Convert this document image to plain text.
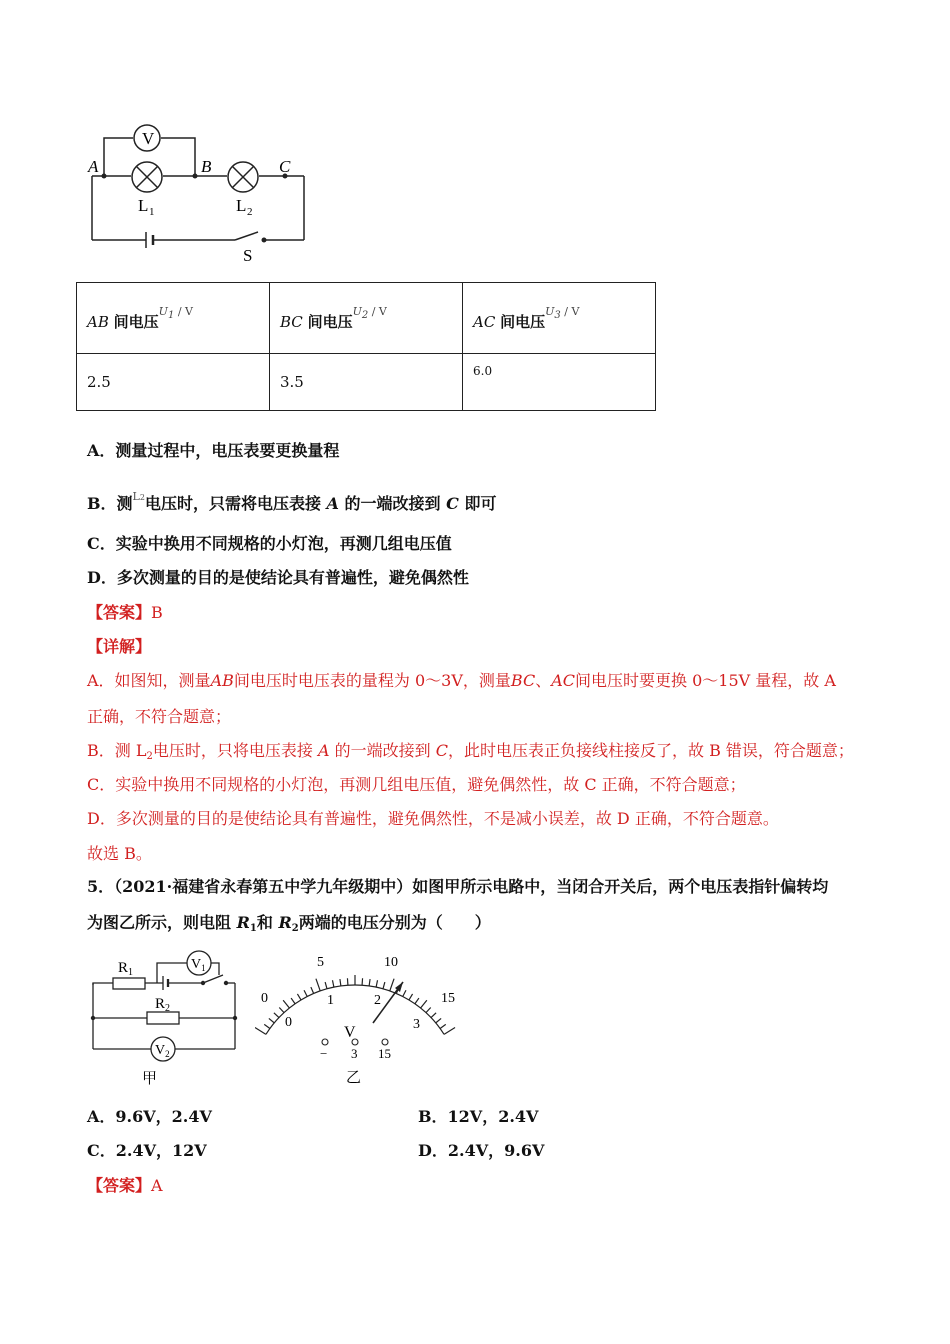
V
A	B	C
L 1	L 2
S
AB 间电压$^{U1 / V}$	BC 间电压$^{U2 / V}$	AC 间电压$^{U3 / V}$
2.5	3.5	6.0
A．测量过程中，电压表要更换量程
B．测$^{L2}$电压时，只需将电压表接 A 的一端改接到 C 即可
C．实验中换用不同规格的小灯泡，再测几组电压值
D．多次测量的目的是使结论具有普遍性，避免偶然性
【答案】B
【详解】
A．如图知，测量AB间电压时电压表的量程为 0～3V，测量BC、AC间电压时要更换 0～15V 量程，故 A
正确，不符合题意；
B．测 $L_2$电压时，只将电压表接 A 的一端改接到 C，此时电压表正负接线柱接反了，故 B 错误，符合题意；
C．实验中换用不同规格的小灯泡，再测几组电压值，避免偶然性，故 C 正确，不符合题意；
D．多次测量的目的是使结论具有普遍性，避免偶然性，不是减小误差，故 D 正确，不符合题意。
故选 B。
5．（2021·福建省永春第五中学九年级期中）如图甲所示电路中，当闭合开关后，两个电压表指针偏转均
为图乙所示，则电阻 $R_1$和 $R_2$两端的电压分别为（　　）
$R_1$
$R_2$
$V_1$
$V_2$
甲
0
5	10
15
0
1	2
3
V
− 3 15
乙
A．9.6V，2.4V	B．12V，2.4V
C．2.4V，12V	D．2.4V，9.6V
【答案】A
